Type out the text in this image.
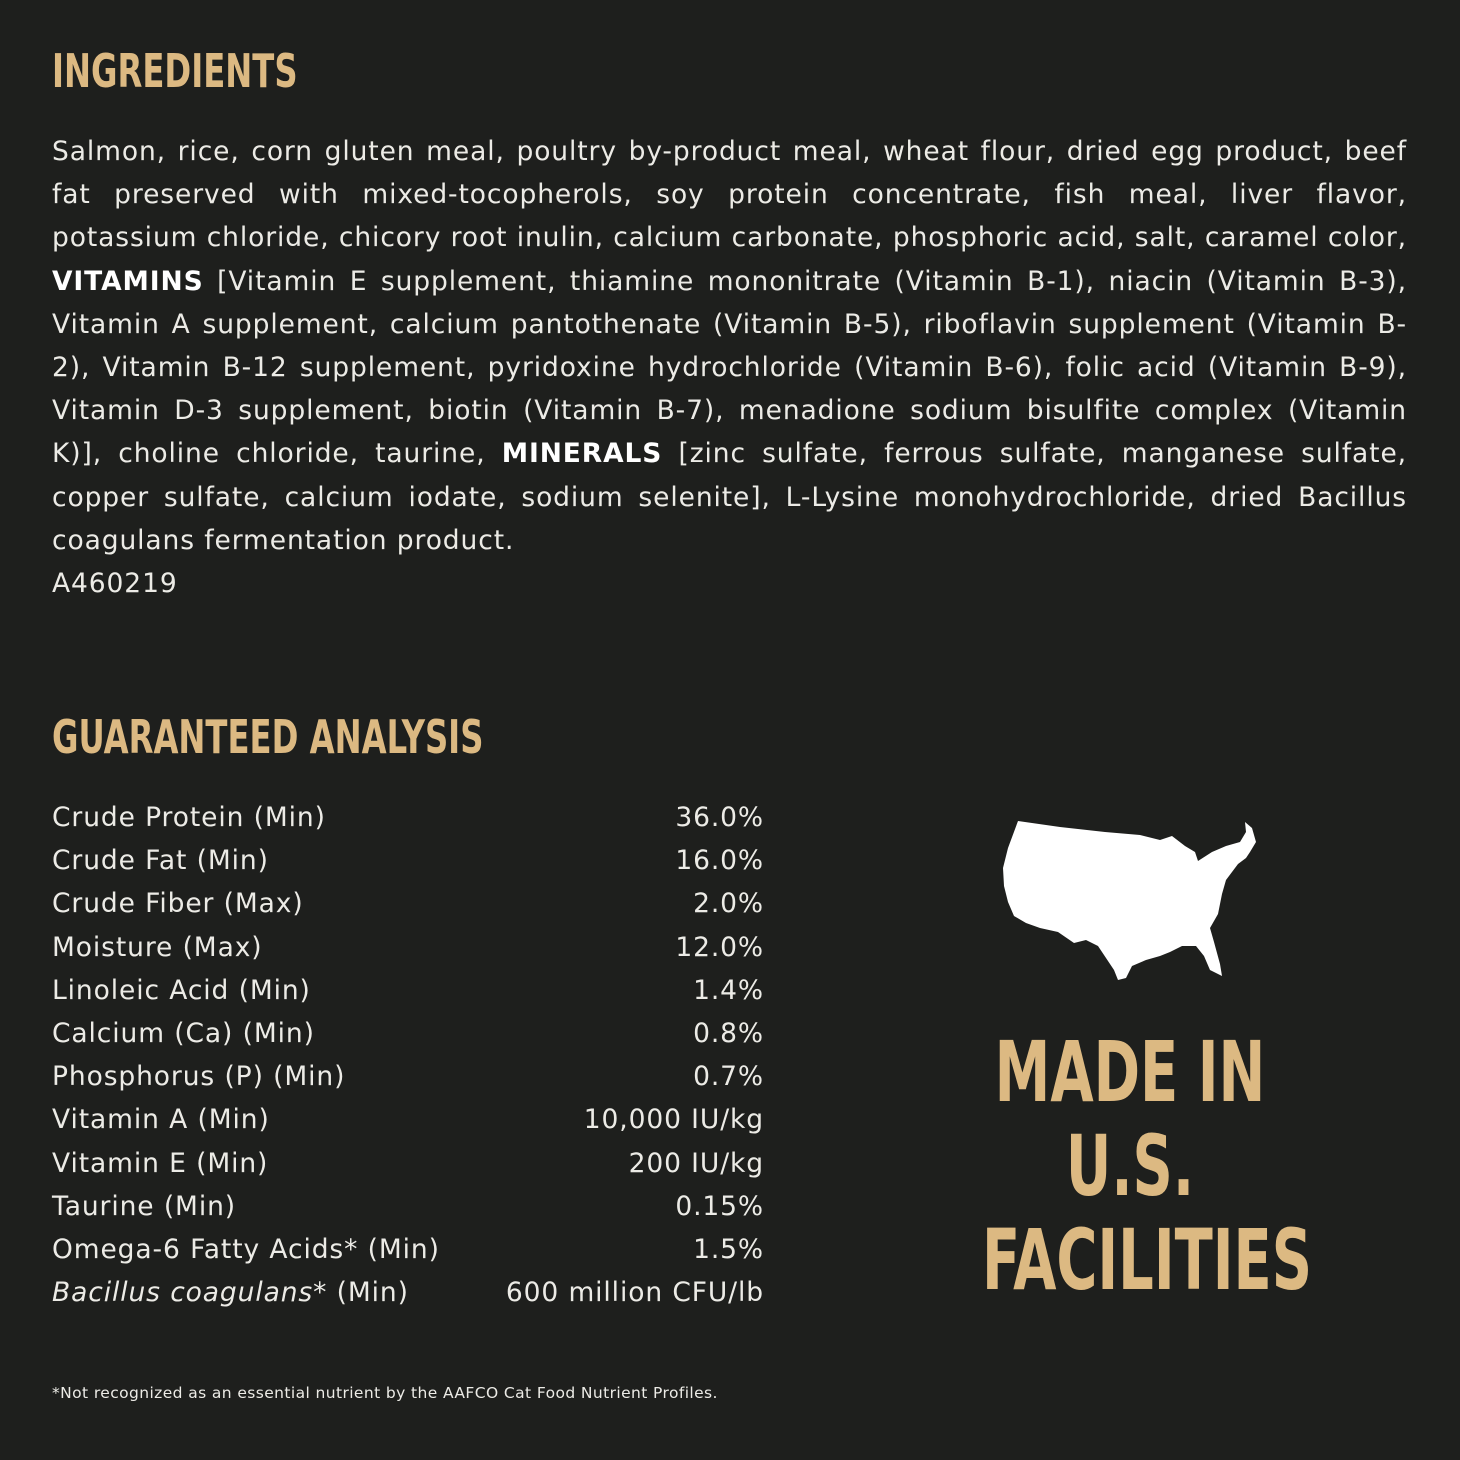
INGREDIENTS

Salmon, rice, corn gluten meal, poultry by-product meal, wheat flour, dried egg product, beef fat preserved with mixed-tocopherols, soy protein concentrate, fish meal, liver flavor, potassium chloride, chicory root inulin, calcium carbonate, phosphoric acid, salt, caramel color, VITAMINS [Vitamin E supplement, thiamine mononitrate (Vitamin B-1), niacin (Vitamin B-3), Vitamin A supplement, calcium pantothenate (Vitamin B-5), riboflavin supplement (Vitamin B-2), Vitamin B-12 supplement, pyridoxine hydrochloride (Vitamin B-6), folic acid (Vitamin B-9), Vitamin D-3 supplement, biotin (Vitamin B-7), menadione sodium bisulfite complex (Vitamin K)], choline chloride, taurine, MINERALS [zinc sulfate, ferrous sulfate, manganese sulfate, copper sulfate, calcium iodate, sodium selenite], L-Lysine monohydrochloride, dried Bacillus coagulans fermentation product.
A460219

GUARANTEED ANALYSIS
Crude Protein (Min)	36.0%
Crude Fat (Min)	16.0%
Crude Fiber (Max)	2.0%
Moisture (Max)	12.0%
Linoleic Acid (Min)	1.4%
Calcium (Ca) (Min)	0.8%
Phosphorus (P) (Min)	0.7%
Vitamin A (Min)	10,000 IU/kg
Vitamin E (Min)	200 IU/kg
Taurine (Min)	0.15%
Omega-6 Fatty Acids* (Min)	1.5%
Bacillus coagulans* (Min)	600 million CFU/lb

*Not recognized as an essential nutrient by the AAFCO Cat Food Nutrient Profiles.

MADE IN
U.S.
FACILITIES
